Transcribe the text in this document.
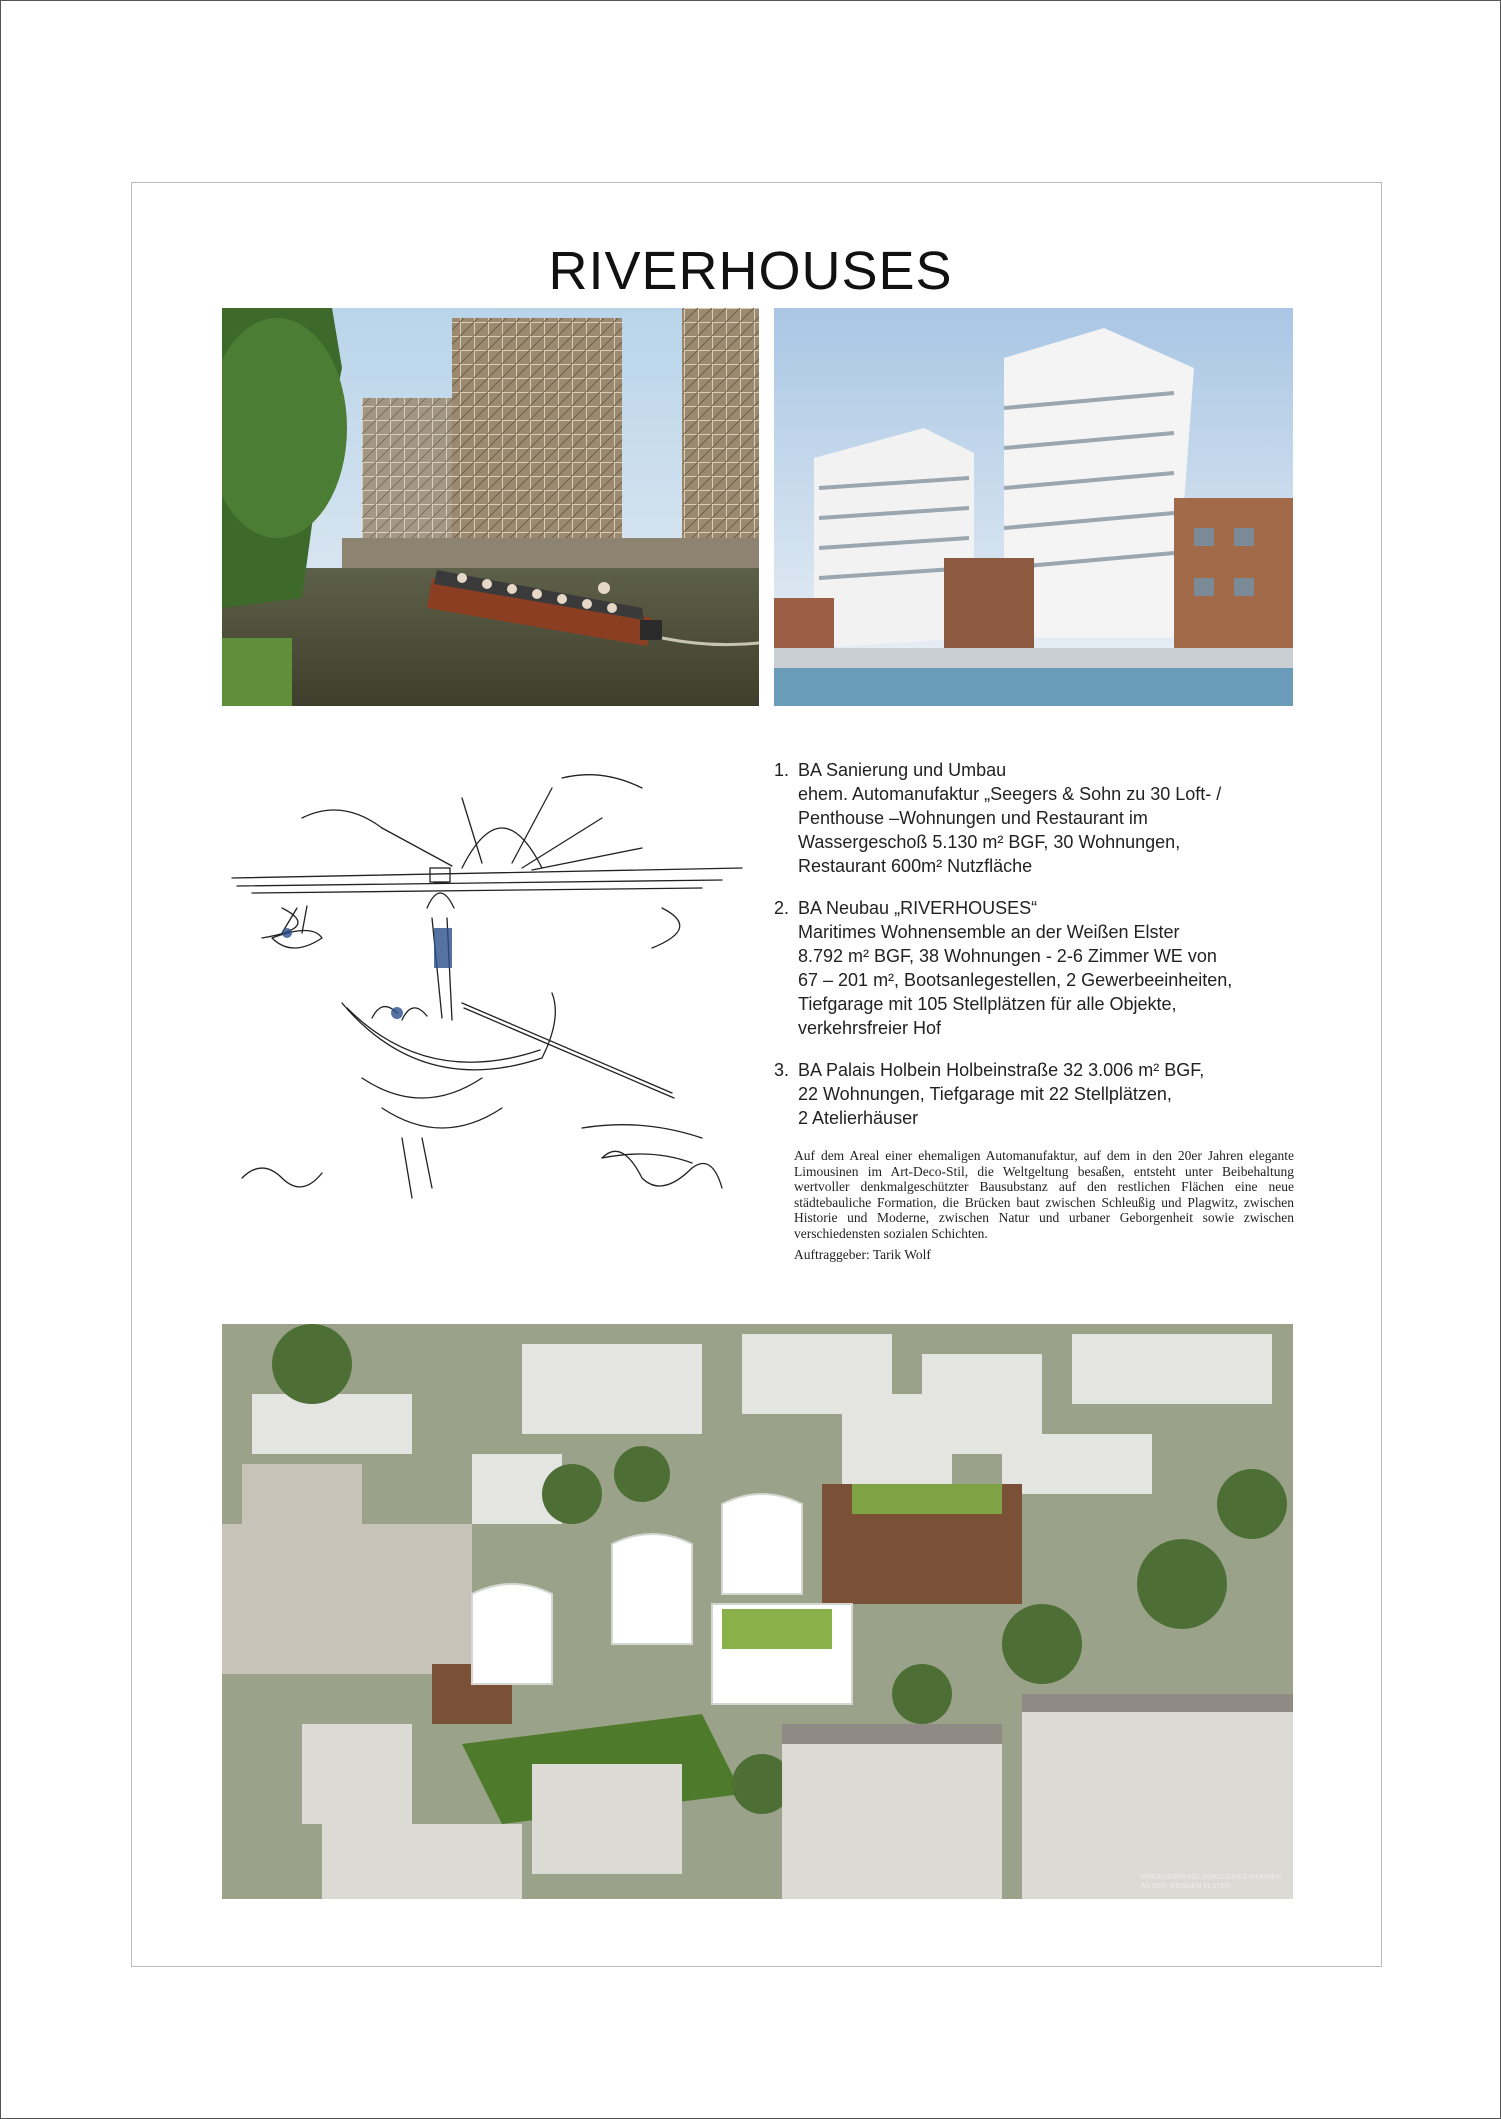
RIVERHOUSES
1. BA Sanierung und Umbau
ehem. Automanufaktur „Seegers & Sohn zu 30 Loft- /
Penthouse –Wohnungen und Restaurant im
Wassergeschoß 5.130 m² BGF, 30 Wohnungen,
Restaurant 600m² Nutzfläche
2. BA Neubau „RIVERHOUSES“
Maritimes Wohnensemble an der Weißen Elster
8.792 m² BGF, 38 Wohnungen - 2-6 Zimmer WE von
67 – 201 m², Bootsanlegestellen, 2 Gewerbeeinheiten,
Tiefgarage mit 105 Stellplätzen für alle Objekte,
verkehrsfreier Hof
3. BA Palais Holbein Holbeinstraße 32 3.006 m² BGF,
22 Wohnungen, Tiefgarage mit 22 Stellplätzen,
2 Atelierhäuser
Auf dem Areal einer ehemaligen Automanufaktur, auf dem in den 20er Jahren elegante Limousinen im Art-Deco-Stil, die Weltgeltung besaßen, entsteht unter Beibehaltung wertvoller denkmalgeschützter Bausubstanz auf den restlichen Flächen eine neue städtebauliche Formation, die Brücken baut zwischen Schleußig und Plagwitz, zwischen Historie und Moderne, zwischen Natur und urbaner Geborgenheit sowie zwischen verschiedensten sozialen Schichten.
Auftraggeber: Tarik Wolf
VISUALISIERUNG „EXKLUSIVES WOHNEN
AN DER WEISSEN ELSTER“
